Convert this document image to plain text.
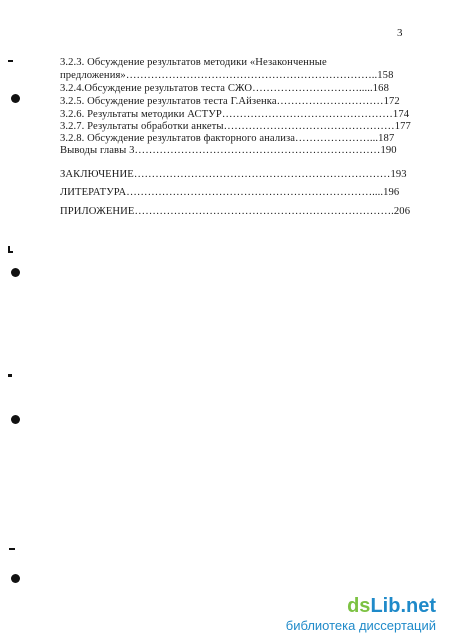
3
3.2.3. Обсуждение результатов методики «Незаконченные
предложения»……………………………………………………………..158
3.2.4.Обсуждение результатов теста СЖО………………………….....168
3.2.5. Обсуждение результатов теста Г.Айзенка…………………………172
3.2.6. Результаты методики АСТУР…………………………………………174
3.2.7. Результаты обработки анкеты…………………………………………177
3.2.8. Обсуждение результатов факторного анализа…………………...187
Выводы главы 3……………………………………………………………190
ЗАКЛЮЧЕНИЕ………………………………………………………………193
ЛИТЕРАТУРА……………………………………………………………....196
ПРИЛОЖЕНИЕ……………………………………………………………….206
dsLib.net
библиотека диссертаций
